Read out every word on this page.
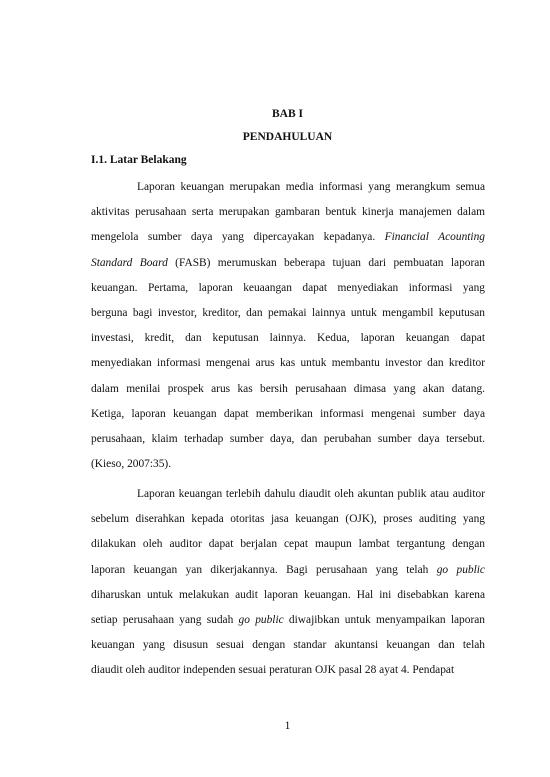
BAB I
PENDAHULUAN
I.1. Latar Belakang
Laporan keuangan merupakan media informasi yang merangkum semua
aktivitas perusahaan serta merupakan gambaran bentuk kinerja manajemen dalam
mengelola sumber daya yang dipercayakan kepadanya. Financial Acounting
Standard Board (FASB) merumuskan beberapa tujuan dari pembuatan laporan
keuangan. Pertama, laporan keuaangan dapat menyediakan informasi yang
berguna bagi investor, kreditor, dan pemakai lainnya untuk mengambil keputusan
investasi, kredit, dan keputusan lainnya. Kedua, laporan keuangan dapat
menyediakan informasi mengenai arus kas untuk membantu investor dan kreditor
dalam menilai prospek arus kas bersih perusahaan dimasa yang akan datang.
Ketiga, laporan keuangan dapat memberikan informasi mengenai sumber daya
perusahaan, klaim terhadap sumber daya, dan perubahan sumber daya tersebut.
(Kieso, 2007:35).
Laporan keuangan terlebih dahulu diaudit oleh akuntan publik atau auditor
sebelum diserahkan kepada otoritas jasa keuangan (OJK), proses auditing yang
dilakukan oleh auditor dapat berjalan cepat maupun lambat tergantung dengan
laporan keuangan yan dikerjakannya. Bagi perusahaan yang telah go public
diharuskan untuk melakukan audit laporan keuangan. Hal ini disebabkan karena
setiap perusahaan yang sudah go public diwajibkan untuk menyampaikan laporan
keuangan yang disusun sesuai dengan standar akuntansi keuangan dan telah
diaudit oleh auditor independen sesuai peraturan OJK pasal 28 ayat 4. Pendapat
1
